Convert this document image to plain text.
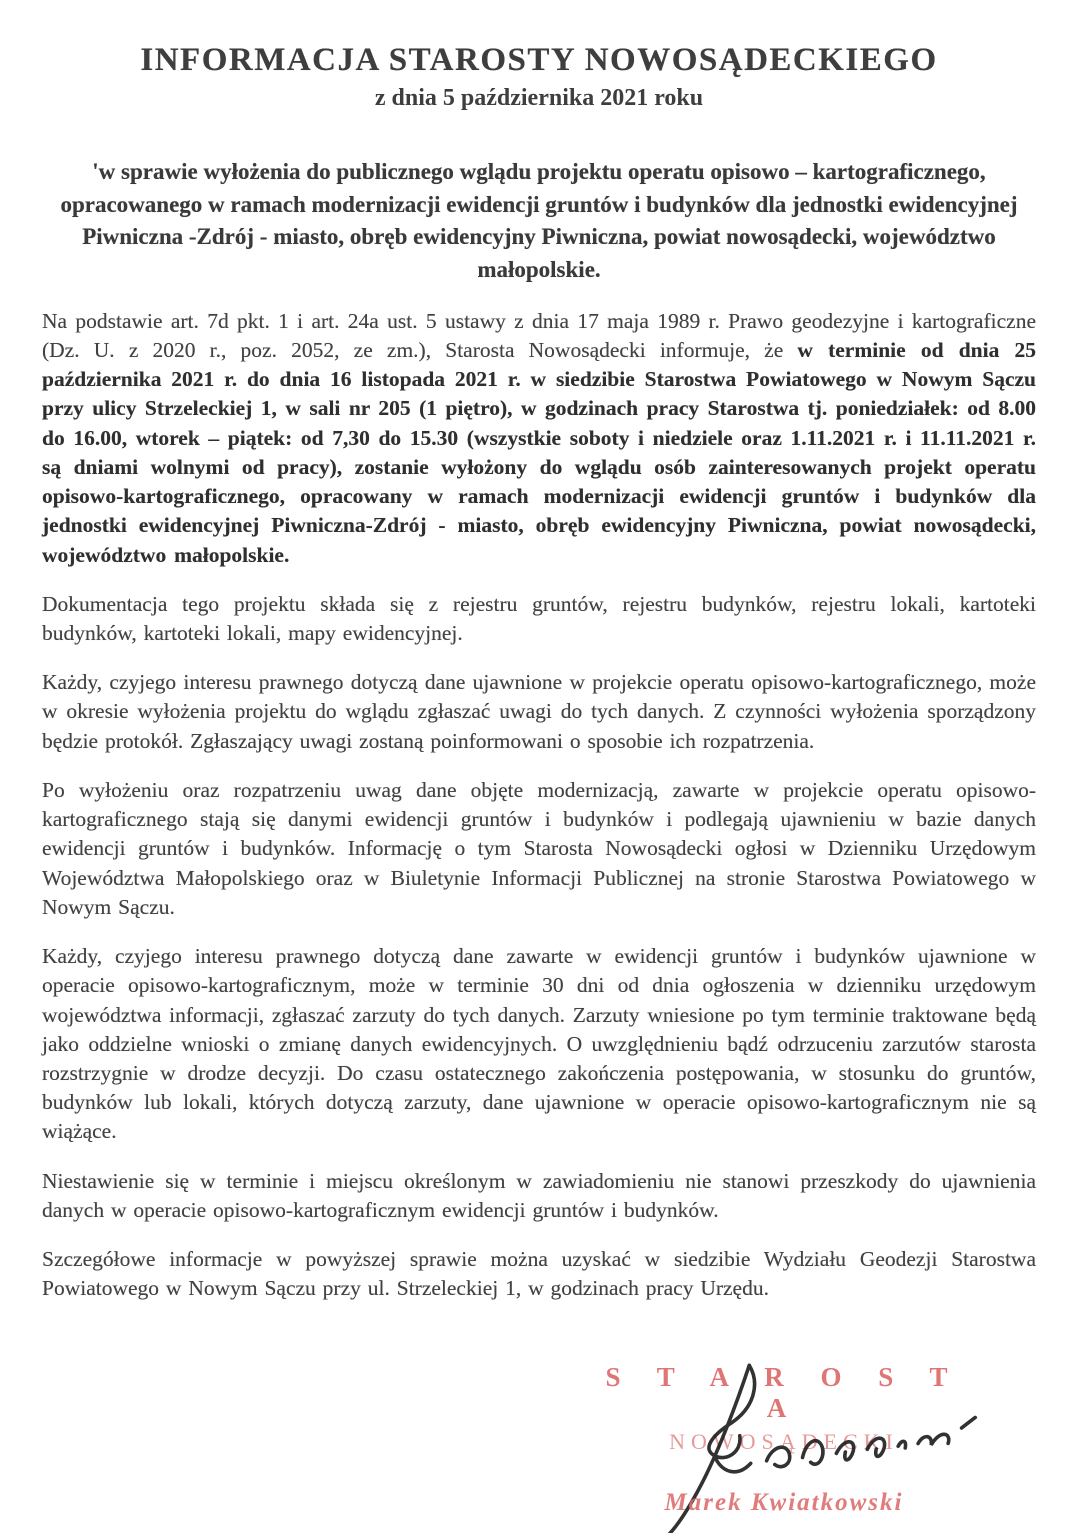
INFORMACJA STAROSTY NOWOSĄDECKIEGO
z dnia 5 października 2021 roku

'w sprawie wyłożenia do publicznego wglądu projektu operatu opisowo – kartograficznego, opracowanego w ramach modernizacji ewidencji gruntów i budynków dla jednostki ewidencyjnej Piwniczna -Zdrój - miasto, obręb ewidencyjny Piwniczna, powiat nowosądecki, województwo małopolskie.

Na podstawie art. 7d pkt. 1 i art. 24a ust. 5 ustawy z dnia 17 maja 1989 r. Prawo geodezyjne i kartograficzne (Dz. U. z 2020 r., poz. 2052, ze zm.), Starosta Nowosądecki informuje, że w terminie od dnia 25 października 2021 r. do dnia 16 listopada 2021 r. w siedzibie Starostwa Powiatowego w Nowym Sączu przy ulicy Strzeleckiej 1, w sali nr 205 (1 piętro), w godzinach pracy Starostwa tj. poniedziałek: od 8.00 do 16.00, wtorek – piątek: od 7,30 do 15.30 (wszystkie soboty i niedziele oraz 1.11.2021 r. i 11.11.2021 r. są dniami wolnymi od pracy), zostanie wyłożony do wglądu osób zainteresowanych projekt operatu opisowo-kartograficznego, opracowany w ramach modernizacji ewidencji gruntów i budynków dla jednostki ewidencyjnej Piwniczna-Zdrój - miasto, obręb ewidencyjny Piwniczna, powiat nowosądecki, województwo małopolskie.

Dokumentacja tego projektu składa się z rejestru gruntów, rejestru budynków, rejestru lokali, kartoteki budynków, kartoteki lokali, mapy ewidencyjnej.

Każdy, czyjego interesu prawnego dotyczą dane ujawnione w projekcie operatu opisowo-kartograficznego, może w okresie wyłożenia projektu do wglądu zgłaszać uwagi do tych danych. Z czynności wyłożenia sporządzony będzie protokół. Zgłaszający uwagi zostaną poinformowani o sposobie ich rozpatrzenia.

Po wyłożeniu oraz rozpatrzeniu uwag dane objęte modernizacją, zawarte w projekcie operatu opisowo-kartograficznego stają się danymi ewidencji gruntów i budynków i podlegają ujawnieniu w bazie danych ewidencji gruntów i budynków. Informację o tym Starosta Nowosądecki ogłosi w Dzienniku Urzędowym Województwa Małopolskiego oraz w Biuletynie Informacji Publicznej na stronie Starostwa Powiatowego w Nowym Sączu.

Każdy, czyjego interesu prawnego dotyczą dane zawarte w ewidencji gruntów i budynków ujawnione w operacie opisowo-kartograficznym, może w terminie 30 dni od dnia ogłoszenia w dzienniku urzędowym województwa informacji, zgłaszać zarzuty do tych danych. Zarzuty wniesione po tym terminie traktowane będą jako oddzielne wnioski o zmianę danych ewidencyjnych. O uwzględnieniu bądź odrzuceniu zarzutów starosta rozstrzygnie w drodze decyzji. Do czasu ostatecznego zakończenia postępowania, w stosunku do gruntów, budynków lub lokali, których dotyczą zarzuty, dane ujawnione w operacie opisowo-kartograficznym nie są wiążące.

Niestawienie się w terminie i miejscu określonym w zawiadomieniu nie stanowi przeszkody do ujawnienia danych w operacie opisowo-kartograficznym ewidencji gruntów i budynków.

Szczegółowe informacje w powyższej sprawie można uzyskać w siedzibie Wydziału Geodezji Starostwa Powiatowego w Nowym Sączu przy ul. Strzeleckiej 1, w godzinach pracy Urzędu.

S T A R O S T A
NOWOSĄDECKI
Marek Kwiatkowski
